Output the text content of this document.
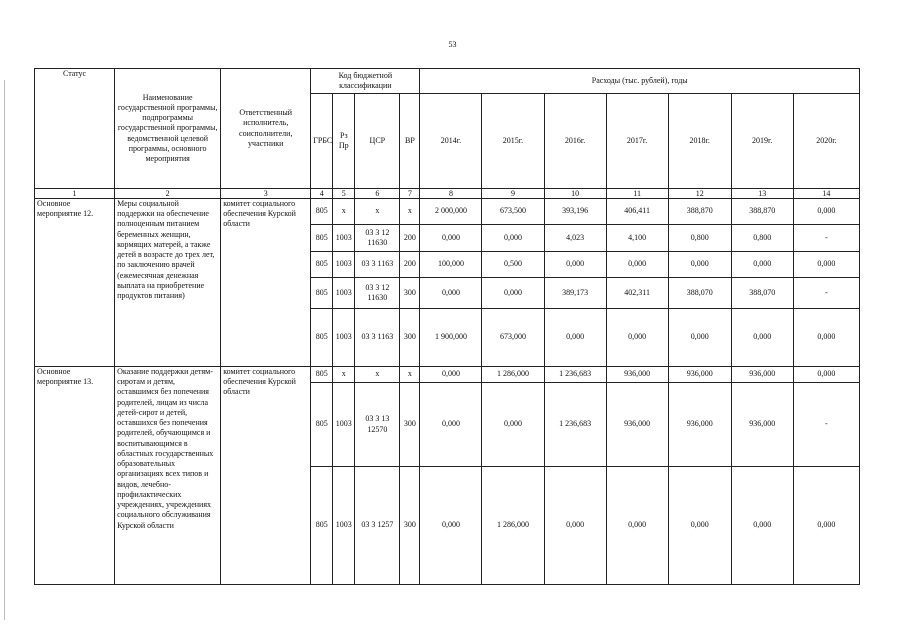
53
Статус	Наименование государственной программы, подпрограммы государственной программы, ведомственной целевой программы, основного мероприятия	Ответственный исполнитель, соисполнители, участники	Код бюджетной классификации				Расходы (тыс. рублей), годы						
			ГРБС	Рз Пр	ЦСР	ВР	2014г.	2015г.	2016г.	2017г.	2018г.	2019г.	2020г.
1	2	3	4	5	6	7	8	9	10	11	12	13	14
Основное мероприятие 12.	Меры социальной поддержки на обеспечение полноценным питанием беременных женщин, кормящих матерей, а также детей в возрасте до трех лет, по заключению врачей (ежемесячная денежная выплата на приобретение продуктов питания)	комитет социального обеспечения Курской области	805	х	х	х	2 000,000	673,500	393,196	406,411	388,870	388,870	0,000
			805	1003	03 3 12 11630	200	0,000	0,000	4,023	4,100	0,800	0,800	-
			805	1003	03 3 1163	200	100,000	0,500	0,000	0,000	0,000	0,000	0,000
			805	1003	03 3 12 11630	300	0,000	0,000	389,173	402,311	388,070	388,070	-
			805	1003	03 3 1163	300	1 900,000	673,000	0,000	0,000	0,000	0,000	0,000
Основное мероприятие 13.	Оказание поддержки детям-сиротам и детям, оставшимся без попечения родителей, лицам из числа детей-сирот и детей, оставшихся без попечения родителей, обучающимся и воспитывающимся в областных государственных образовательных организациях всех типов и видов, лечебно-профилактических учреждениях, учреждениях социального обслуживания Курской области	комитет социального обеспечения Курской области	805	х	х	х	0,000	1 286,000	1 236,683	936,000	936,000	936,000	0,000
			805	1003	03 3 13 12570	300	0,000	0,000	1 236,683	936,000	936,000	936,000	-
			805	1003	03 3 1257	300	0,000	1 286,000	0,000	0,000	0,000	0,000	0,000
